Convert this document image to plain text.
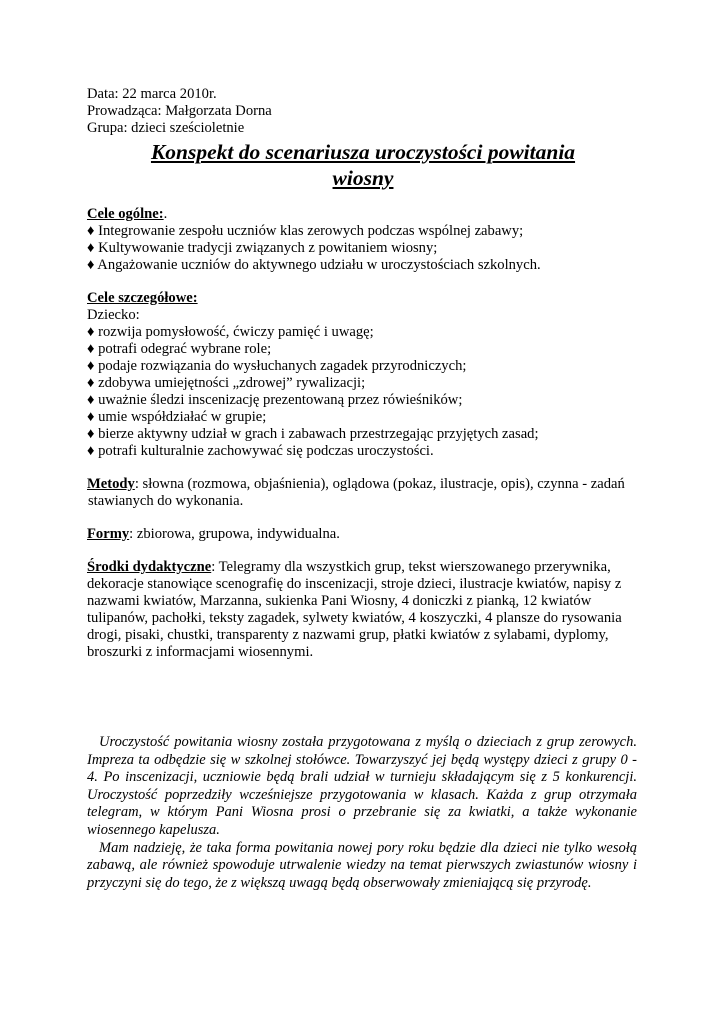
Data: 22 marca 2010r.
Prowadząca: Małgorzata Dorna
Grupa: dzieci sześcioletnie
Konspekt do scenariusza uroczystości powitania
wiosny
Cele ogólne:.
♦ Integrowanie zespołu uczniów klas zerowych podczas wspólnej zabawy;
♦ Kultywowanie tradycji związanych z powitaniem wiosny;
♦ Angażowanie uczniów do aktywnego udziału w uroczystościach szkolnych.
Cele szczegółowe:
Dziecko:
♦ rozwija pomysłowość, ćwiczy pamięć i uwagę;
♦ potrafi odegrać wybrane role;
♦ podaje rozwiązania do wysłuchanych zagadek przyrodniczych;
♦ zdobywa umiejętności „zdrowej” rywalizacji;
♦ uważnie śledzi inscenizację prezentowaną przez rówieśników;
♦ umie współdziałać w grupie;
♦ bierze aktywny udział w grach i zabawach przestrzegając przyjętych zasad;
♦ potrafi kulturalnie zachowywać się podczas uroczystości.
Metody: słowna (rozmowa, objaśnienia), oglądowa (pokaz, ilustracje, opis), czynna - zadań
stawianych do wykonania.
Formy: zbiorowa, grupowa, indywidualna.
Środki dydaktyczne: Telegramy dla wszystkich grup, tekst wierszowanego przerywnika,
dekoracje stanowiące scenografię do inscenizacji, stroje dzieci, ilustracje kwiatów, napisy z
nazwami kwiatów, Marzanna, sukienka Pani Wiosny, 4 doniczki z pianką, 12 kwiatów
tulipanów, pachołki, teksty zagadek, sylwety kwiatów, 4 koszyczki, 4 plansze do rysowania
drogi, pisaki, chustki, transparenty z nazwami grup, płatki kwiatów z sylabami, dyplomy,
broszurki z informacjami wiosennymi.

Uroczystość powitania wiosny została przygotowana z myślą o dzieciach z grup zerowych. Impreza ta odbędzie się w szkolnej stołówce. Towarzyszyć jej będą występy dzieci z grupy 0 - 4. Po inscenizacji, uczniowie będą brali udział w turnieju składającym się z 5 konkurencji. Uroczystość poprzedziły wcześniejsze przygotowania w klasach. Każda z grup otrzymała telegram, w którym Pani Wiosna prosi o przebranie się za kwiatki, a także wykonanie wiosennego kapelusza.

Mam nadzieję, że taka forma powitania nowej pory roku będzie dla dzieci nie tylko wesołą zabawą, ale również spowoduje utrwalenie wiedzy na temat pierwszych zwiastunów wiosny i przyczyni się do tego, że z większą uwagą będą obserwowały zmieniającą się przyrodę.
